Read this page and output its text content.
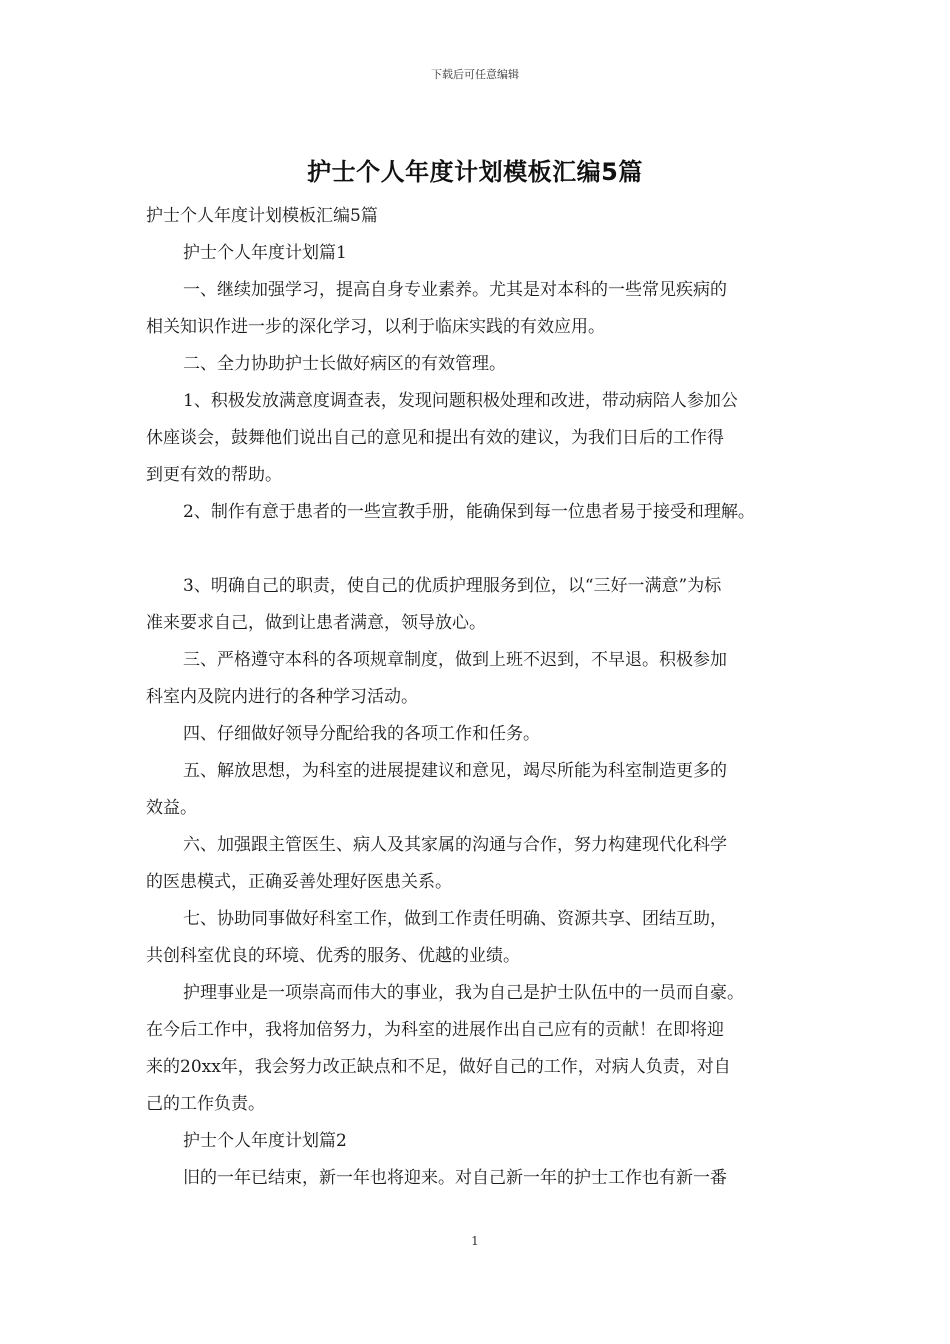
下载后可任意编辑
护士个人年度计划模板汇编5篇
护士个人年度计划模板汇编5篇
护士个人年度计划篇1
一、继续加强学习，提高自身专业素养。尤其是对本科的一些常见疾病的
相关知识作进一步的深化学习，以利于临床实践的有效应用。
二、全力协助护士长做好病区的有效管理。
1、积极发放满意度调查表，发现问题积极处理和改进，带动病陪人参加公
休座谈会，鼓舞他们说出自己的意见和提出有效的建议，为我们日后的工作得
到更有效的帮助。
2、制作有意于患者的一些宣教手册，能确保到每一位患者易于接受和理解。
3、明确自己的职责，使自己的优质护理服务到位，以“三好一满意”为标
准来要求自己，做到让患者满意，领导放心。
三、严格遵守本科的各项规章制度，做到上班不迟到，不早退。积极参加
科室内及院内进行的各种学习活动。
四、仔细做好领导分配给我的各项工作和任务。
五、解放思想，为科室的进展提建议和意见，竭尽所能为科室制造更多的
效益。
六、加强跟主管医生、病人及其家属的沟通与合作，努力构建现代化科学
的医患模式，正确妥善处理好医患关系。
七、协助同事做好科室工作，做到工作责任明确、资源共享、团结互助，
共创科室优良的环境、优秀的服务、优越的业绩。
护理事业是一项崇高而伟大的事业，我为自己是护士队伍中的一员而自豪。
在今后工作中，我将加倍努力，为科室的进展作出自己应有的贡献！在即将迎
来的20xx年，我会努力改正缺点和不足，做好自己的工作，对病人负责，对自
己的工作负责。
护士个人年度计划篇2
旧的一年已结束，新一年也将迎来。对自己新一年的护士工作也有新一番
1
